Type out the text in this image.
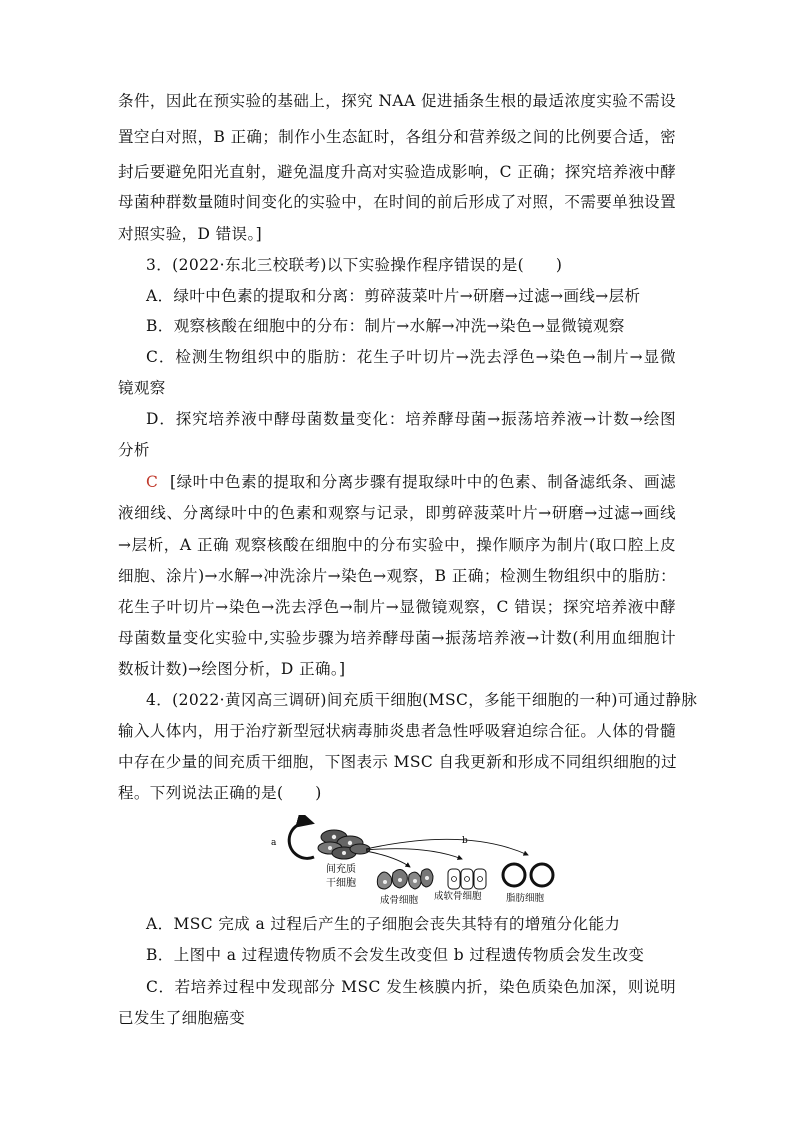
条件，因此在预实验的基础上，探究 NAA 促进插条生根的最适浓度实验不需设
置空白对照，B 正确；制作小生态缸时，各组分和营养级之间的比例要合适，密
封后要避免阳光直射，避免温度升高对实验造成影响，C 正确；探究培养液中酵
母菌种群数量随时间变化的实验中，在时间的前后形成了对照，不需要单独设置
对照实验，D 错误。]
3．(2022·东北三校联考)以下实验操作程序错误的是(　　)
A．绿叶中色素的提取和分离：剪碎菠菜叶片→研磨→过滤→画线→层析
B．观察核酸在细胞中的分布：制片→水解→冲洗→染色→显微镜观察
C．检测生物组织中的脂肪：花生子叶切片→洗去浮色→染色→制片→显微
镜观察
D．探究培养液中酵母菌数量变化：培养酵母菌→振荡培养液→计数→绘图
分析
C [绿叶中色素的提取和分离步骤有提取绿叶中的色素、制备滤纸条、画滤
液细线、分离绿叶中的色素和观察与记录，即剪碎菠菜叶片→研磨→过滤→画线
→层析，A 正确 观察核酸在细胞中的分布实验中，操作顺序为制片(取口腔上皮
细胞、涂片)→水解→冲洗涂片→染色→观察，B 正确；检测生物组织中的脂肪：
花生子叶切片→染色→洗去浮色→制片→显微镜观察，C 错误；探究培养液中酵
母菌数量变化实验中,实验步骤为培养酵母菌→振荡培养液→计数(利用血细胞计
数板计数)→绘图分析，D 正确。]
4．(2022·黄冈高三调研)间充质干细胞(MSC，多能干细胞的一种)可通过静脉
输入人体内，用于治疗新型冠状病毒肺炎患者急性呼吸窘迫综合征。人体的骨髓
中存在少量的间充质干细胞，下图表示 MSC 自我更新和形成不同组织细胞的过
程。下列说法正确的是(　　)
a
间充质
干细胞
b
成骨细胞 成软骨细胞	脂肪细胞
A．MSC 完成 a 过程后产生的子细胞会丧失其特有的增殖分化能力
B．上图中 a 过程遗传物质不会发生改变但 b 过程遗传物质会发生改变
C．若培养过程中发现部分 MSC 发生核膜内折，染色质染色加深，则说明
已发生了细胞癌变
